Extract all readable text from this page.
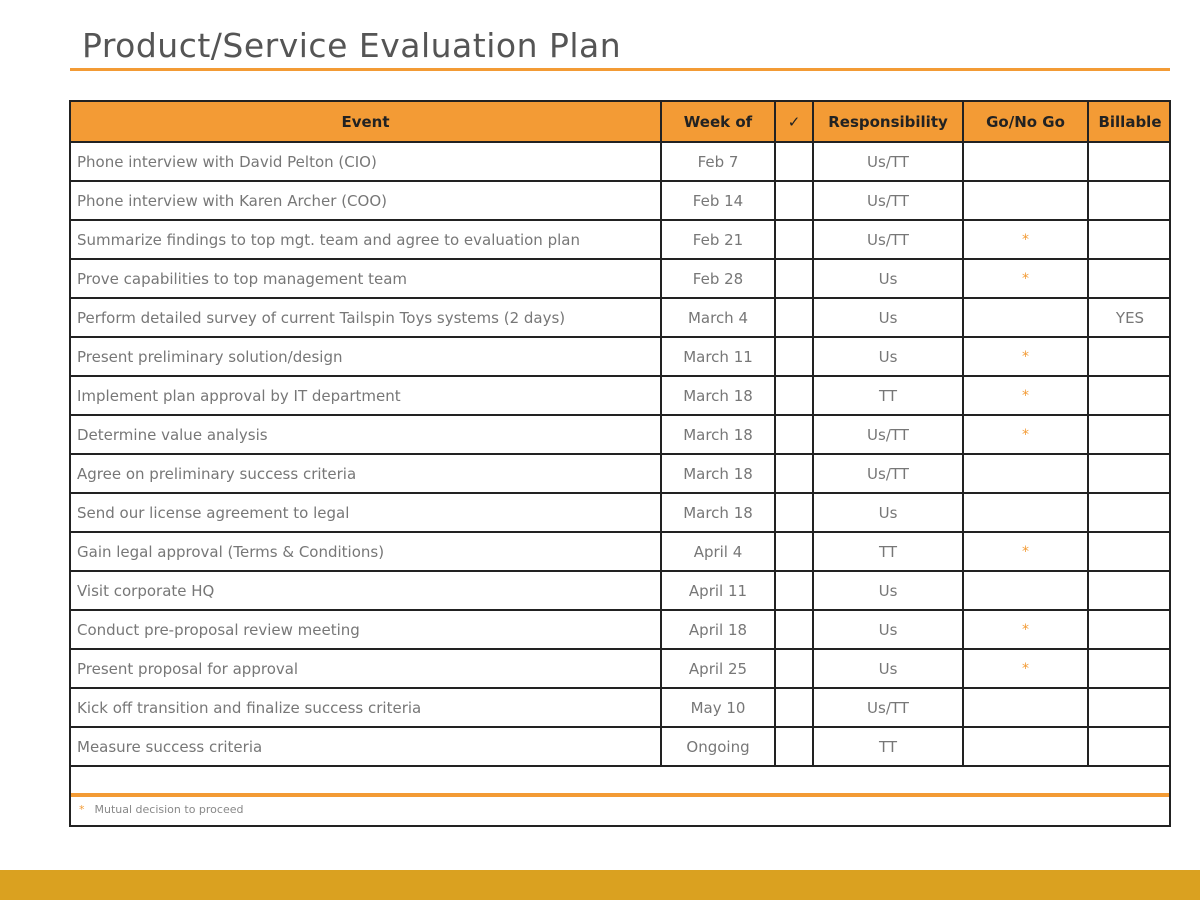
Product/Service Evaluation Plan
Event	Week of	✓	Responsibility	Go/No Go	Billable
Phone interview with David Pelton (CIO)	Feb 7		Us/TT		
Phone interview with Karen Archer (COO)	Feb 14		Us/TT		
Summarize findings to top mgt. team and agree to evaluation plan	Feb 21		Us/TT	*	
Prove capabilities to top management team	Feb 28		Us	*	
Perform detailed survey of current Tailspin Toys systems (2 days)	March 4		Us		YES
Present preliminary solution/design	March 11		Us	*	
Implement plan approval by IT department	March 18		TT	*	
Determine value analysis	March 18		Us/TT	*	
Agree on preliminary success criteria	March 18		Us/TT		
Send our license agreement to legal	March 18		Us		
Gain legal approval (Terms & Conditions)	April 4		TT	*	
Visit corporate HQ	April 11		Us		
Conduct pre-proposal review meeting	April 18		Us	*	
Present proposal for approval	April 25		Us	*	
Kick off transition and finalize success criteria	May 10		Us/TT		
Measure success criteria	Ongoing		TT		
* Mutual decision to proceed
